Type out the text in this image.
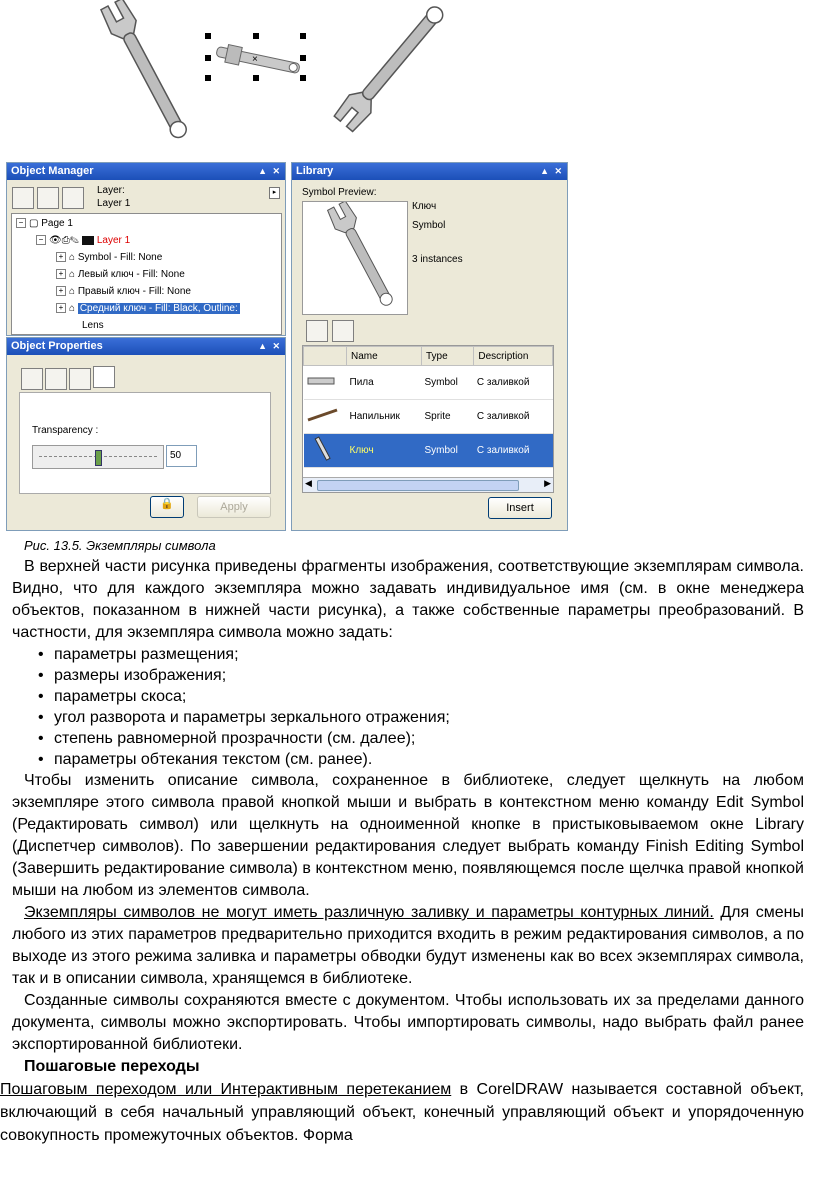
×
Object Manager	▲ ✕
Layer:
Layer 1
▸
− ▢ Page 1
− 👁⎙✎ Layer 1
+ ⌂ Symbol - Fill: None
+ ⌂ Левый ключ - Fill: None
+ ⌂ Правый ключ - Fill: None
+ ⌂ Средний ключ - Fill: Black, Outline:
Lens
Object Properties	▲ ✕
Transparency :
50
🔒	Apply
Library	▲ ✕
Symbol Preview:
Ключ
Symbol
3 instances
	Name	Type	Description
	Пила	Symbol	С заливкой
	Напильник	Sprite	С заливкой
	Ключ	Symbol	С заливкой
◀	▶
Insert
Рис. 13.5. Экземпляры символа

В верхней части рисунка приведены фрагменты изображения, соответствующие экземплярам символа. Видно, что для каждого экземпляра можно задавать индивидуальное имя (см. в окне менеджера объектов, показанном в нижней части рисунка), а также собственные параметры преобразований. В частности, для экземпляра символа можно задать:

• параметры размещения;
• размеры изображения;
• параметры скоса;
• угол разворота и параметры зеркального отражения;
• степень равномерной прозрачности (см. далее);
• параметры обтекания текстом (см. ранее).

Чтобы изменить описание символа, сохраненное в библиотеке, следует щелкнуть на любом экземпляре этого символа правой кнопкой мыши и выбрать в контекстном меню команду Edit Symbol (Редактировать символ) или щелкнуть на одноименной кнопке в пристыковываемом окне Library (Диспетчер символов). По завершении редактирования следует выбрать команду Finish Editing Symbol (Завершить редактирование символа) в контекстном меню, появляющемся после щелчка правой кнопкой мыши на любом из элементов символа.

Экземпляры символов не могут иметь различную заливку и параметры контурных линий. Для смены любого из этих параметров предварительно приходится входить в режим редактирования символов, а по выходе из этого режима заливка и параметры обводки будут изменены как во всех экземплярах символа, так и в описании символа, хранящемся в библиотеке.

Созданные символы сохраняются вместе с документом. Чтобы использовать их за пределами данного документа, символы можно экспортировать. Чтобы импортировать символы, надо выбрать файл ранее экспортированной библиотеки.

Пошаговые переходы

Пошаговым переходом или Интерактивным перетеканием в CorelDRAW называется составной объект, включающий в себя начальный управляющий объект, конечный управляющий объект и упорядоченную совокупность промежуточных объектов. Форма
